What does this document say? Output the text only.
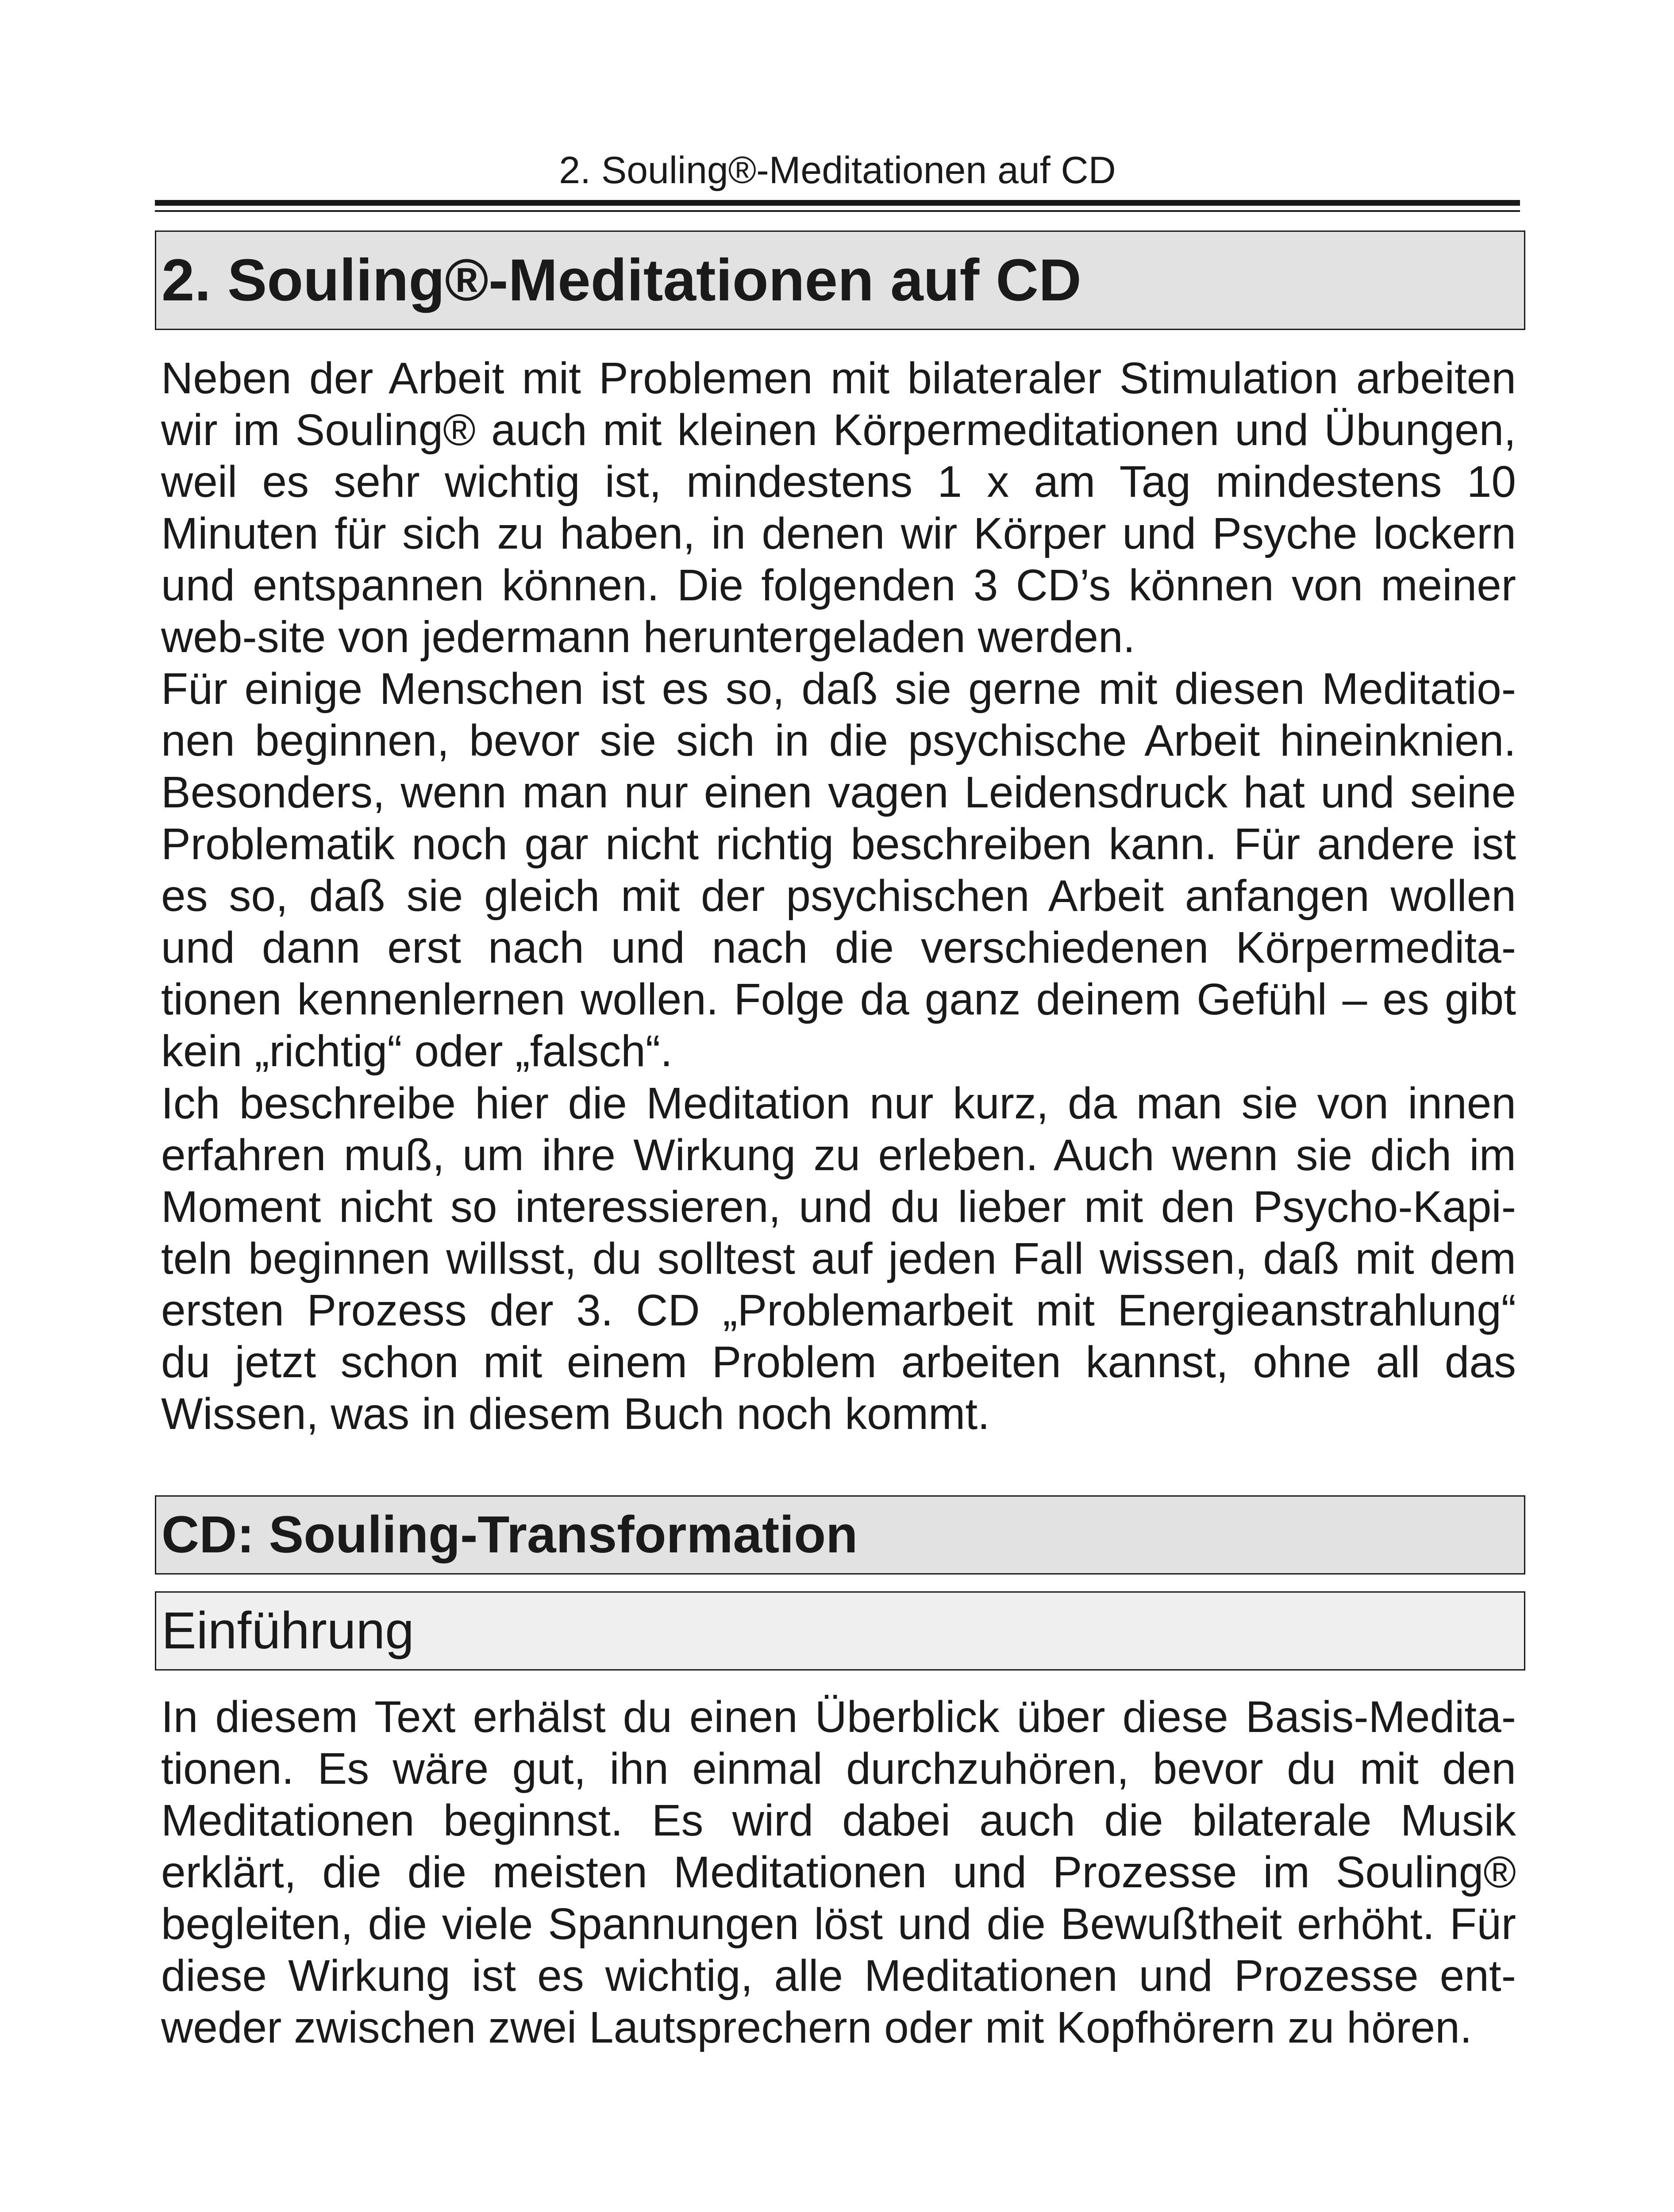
2. Souling®-Meditationen auf CD
2. Souling®-Meditationen auf CD
Neben der Arbeit mit Problemen mit bilateraler Stimulation arbeiten
wir im Souling® auch mit kleinen Körpermeditationen und Übungen,
weil es sehr wichtig ist, mindestens 1 x am Tag mindestens 10
Minuten für sich zu haben, in denen wir Körper und Psyche lockern
und entspannen können. Die folgenden 3 CD’s können von meiner
web-site von jedermann heruntergeladen werden.
Für einige Menschen ist es so, daß sie gerne mit diesen Meditatio-
nen beginnen, bevor sie sich in die psychische Arbeit hineinknien.
Besonders, wenn man nur einen vagen Leidensdruck hat und seine
Problematik noch gar nicht richtig beschreiben kann. Für andere ist
es so, daß sie gleich mit der psychischen Arbeit anfangen wollen
und dann erst nach und nach die verschiedenen Körpermedita-
tionen kennenlernen wollen. Folge da ganz deinem Gefühl – es gibt
kein „richtig“ oder „falsch“.
Ich beschreibe hier die Meditation nur kurz, da man sie von innen
erfahren muß, um ihre Wirkung zu erleben. Auch wenn sie dich im
Moment nicht so interessieren, und du lieber mit den Psycho-Kapi-
teln beginnen willsst, du solltest auf jeden Fall wissen, daß mit dem
ersten Prozess der 3. CD „Problemarbeit mit Energieanstrahlung“
du jetzt schon mit einem Problem arbeiten kannst, ohne all das
Wissen, was in diesem Buch noch kommt.
CD: Souling-Transformation
Einführung
In diesem Text erhälst du einen Überblick über diese Basis-Medita-
tionen. Es wäre gut, ihn einmal durchzuhören, bevor du mit den
Meditationen beginnst. Es wird dabei auch die bilaterale Musik
erklärt, die die meisten Meditationen und Prozesse im Souling®
begleiten, die viele Spannungen löst und die Bewußtheit erhöht. Für
diese Wirkung ist es wichtig, alle Meditationen und Prozesse ent-
weder zwischen zwei Lautsprechern oder mit Kopfhörern zu hören.
